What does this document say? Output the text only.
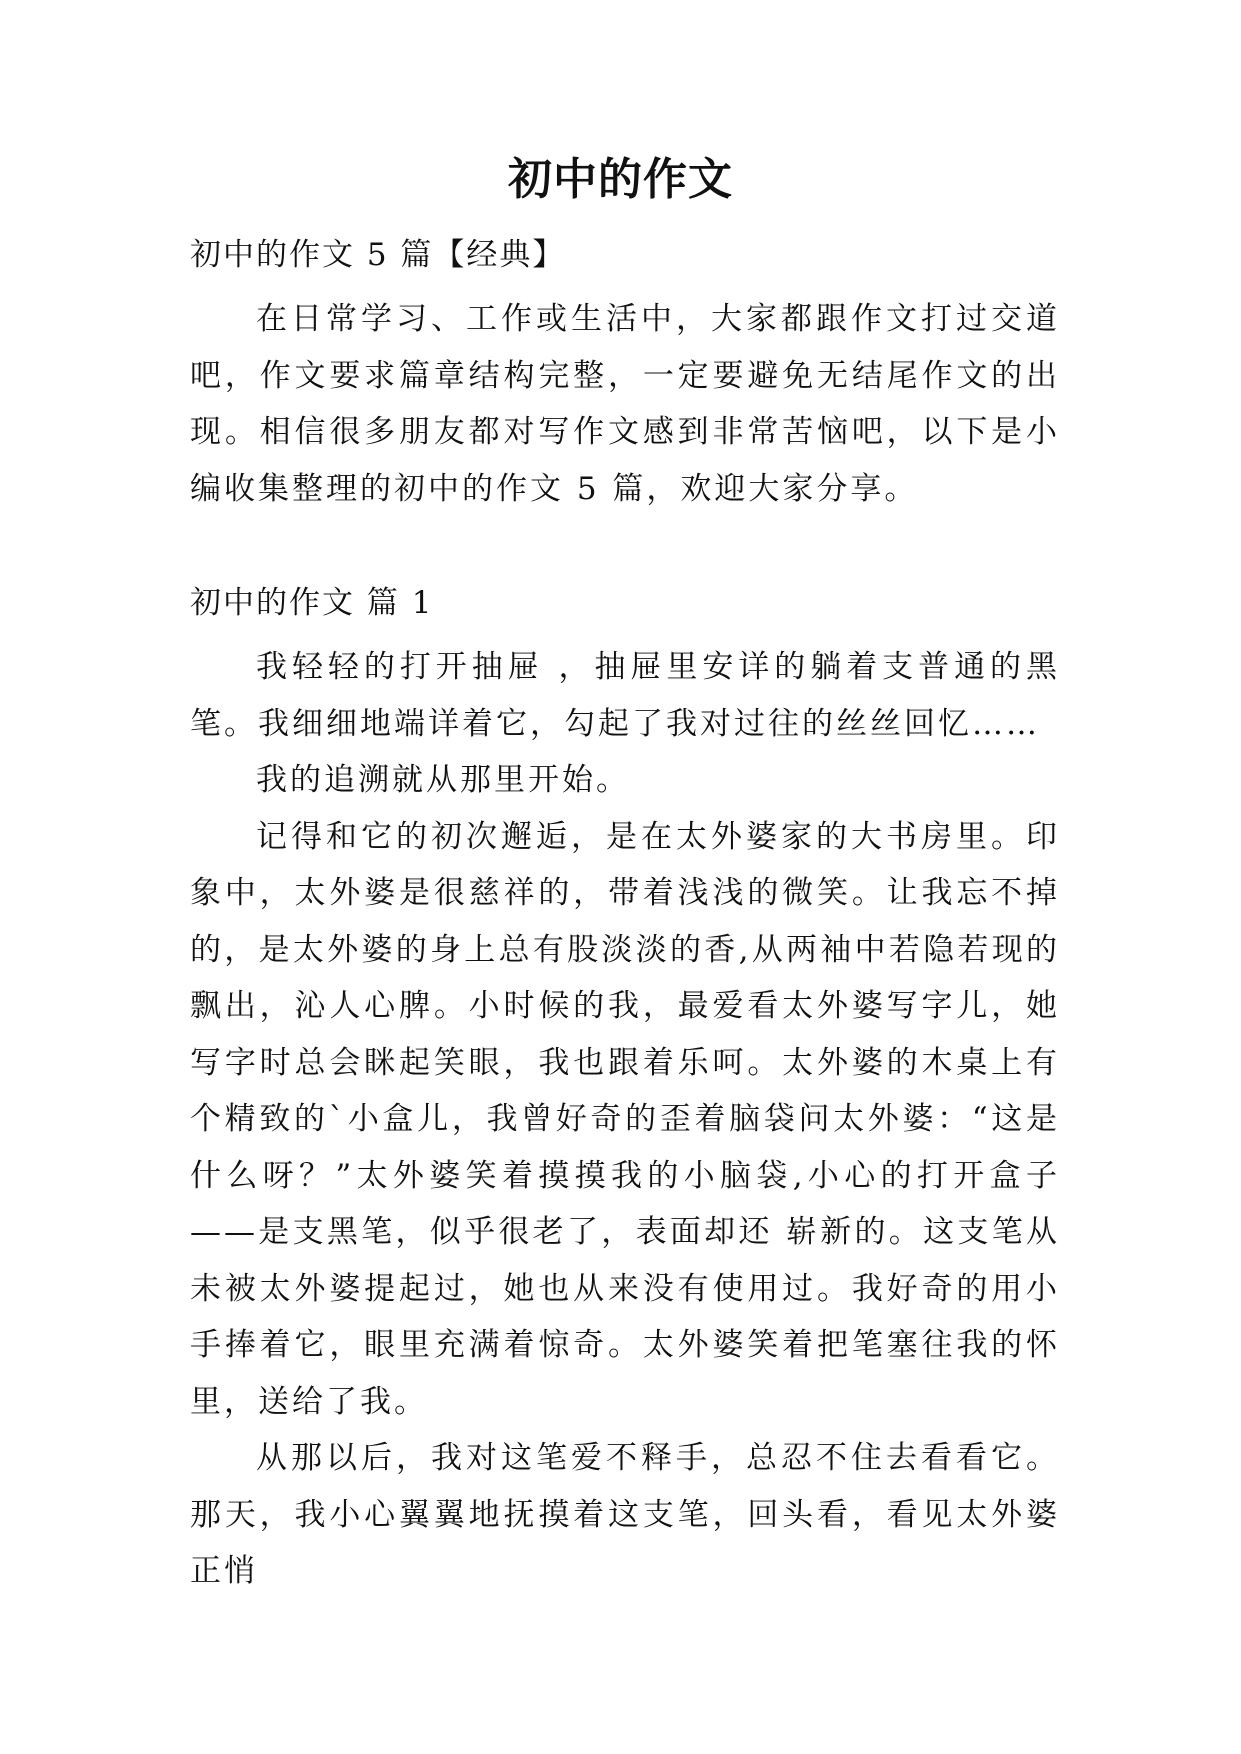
初中的作文
初中的作文 5 篇【经典】

在日常学习、工作或生活中，大家都跟作文打过交道吧，作文要求篇章结构完整，一定要避免无结尾作文的出现。相信很多朋友都对写作文感到非常苦恼吧，以下是小编收集整理的初中的作文 5 篇，欢迎大家分享。

初中的作文 篇 1

我轻轻的打开抽屉 ，抽屉里安详的躺着支普通的黑笔。我细细地端详着它，勾起了我对过往的丝丝回忆……

我的追溯就从那里开始。

记得和它的初次邂逅，是在太外婆家的大书房里。印象中，太外婆是很慈祥的，带着浅浅的微笑。让我忘不掉的，是太外婆的身上总有股淡淡的香,从两袖中若隐若现的飘出，沁人心脾。小时候的我，最爱看太外婆写字儿，她写字时总会眯起笑眼，我也跟着乐呵。太外婆的木桌上有个精致的`小盒儿，我曾好奇的歪着脑袋问太外婆：“这是什么呀？”太外婆笑着摸摸我的小脑袋,小心的打开盒子——是支黑笔，似乎很老了，表面却还 崭新的。这支笔从未被太外婆提起过，她也从来没有使用过。我好奇的用小手捧着它，眼里充满着惊奇。太外婆笑着把笔塞往我的怀里，送给了我。

从那以后，我对这笔爱不释手，总忍不住去看看它。那天，我小心翼翼地抚摸着这支笔，回头看，看见太外婆正悄
